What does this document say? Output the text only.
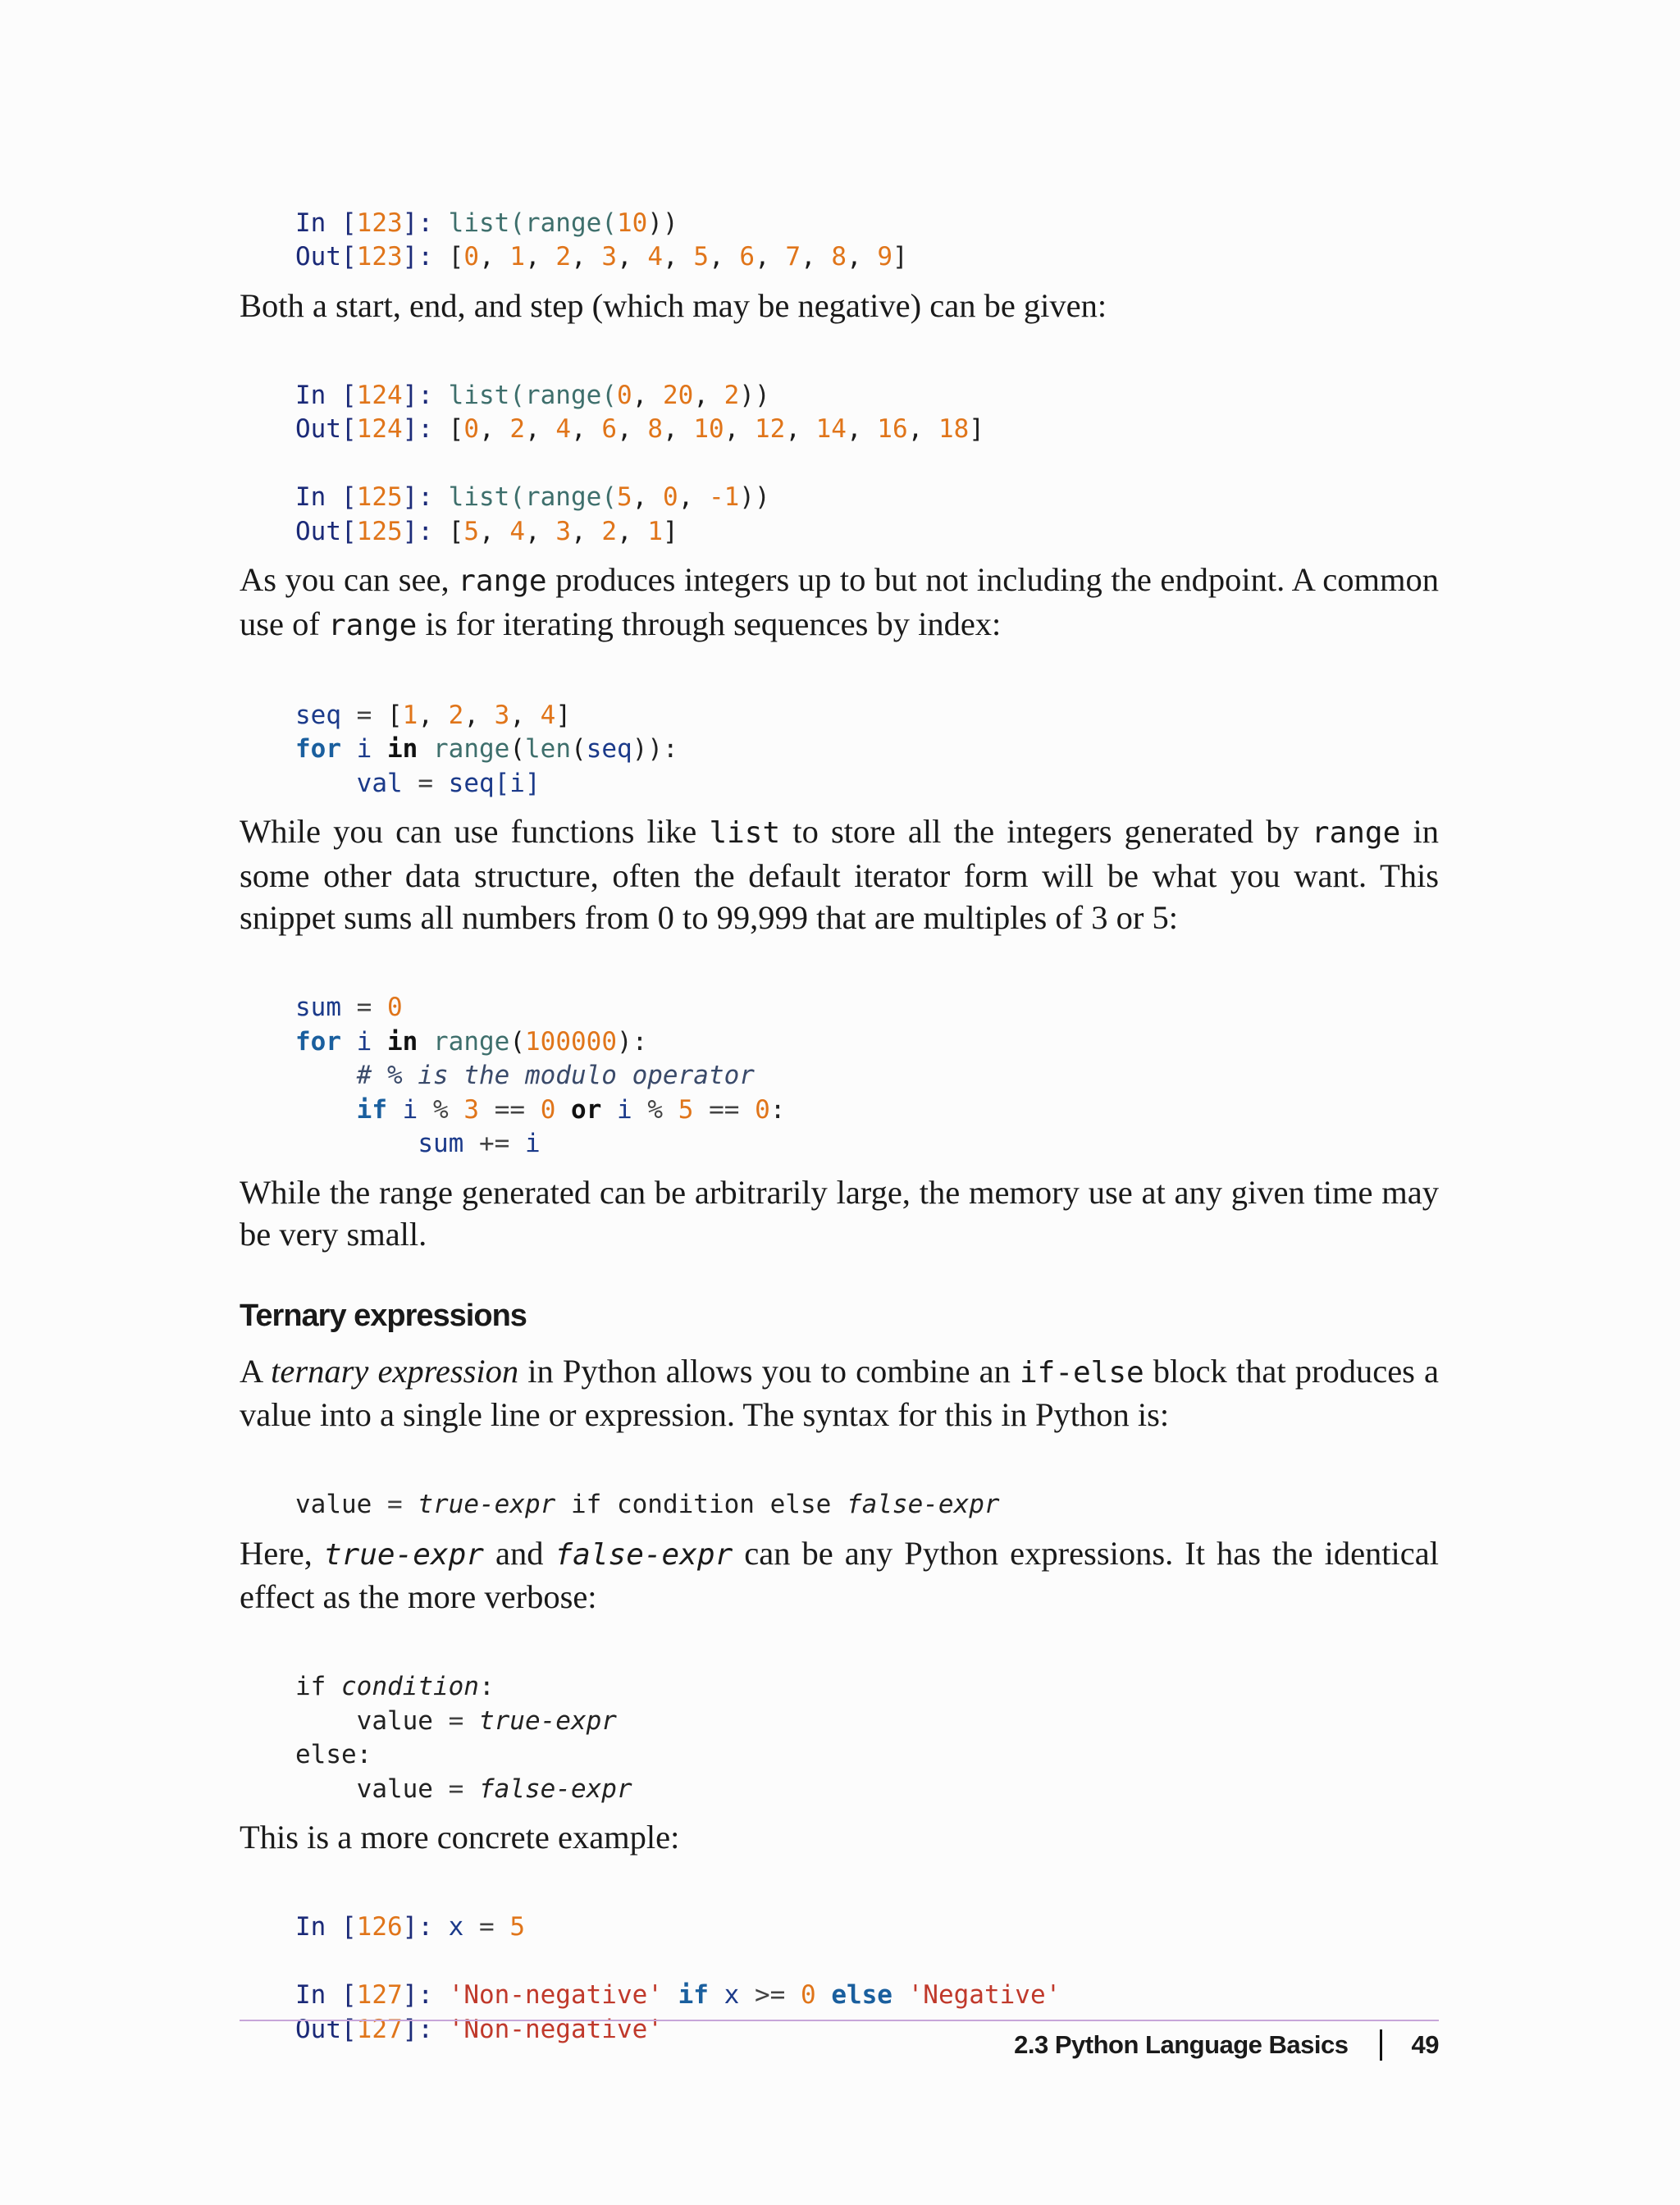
In [123]: list(range(10))
Out[123]: [0, 1, 2, 3, 4, 5, 6, 7, 8, 9]

Both a start, end, and step (which may be negative) can be given:

In [124]: list(range(0, 20, 2))
Out[124]: [0, 2, 4, 6, 8, 10, 12, 14, 16, 18]

In [125]: list(range(5, 0, -1))
Out[125]: [5, 4, 3, 2, 1]

As you can see, range produces integers up to but not including the endpoint. A common use of range is for iterating through sequences by index:

seq = [1, 2, 3, 4]
for i in range(len(seq)):
val = seq[i]

While you can use functions like list to store all the integers generated by range in some other data structure, often the default iterator form will be what you want. This snippet sums all numbers from 0 to 99,999 that are multiples of 3 or 5:

sum = 0
for i in range(100000):
# % is the modulo operator
if i % 3 == 0 or i % 5 == 0:
sum += i

While the range generated can be arbitrarily large, the memory use at any given time may be very small.

Ternary expressions

A ternary expression in Python allows you to combine an if-else block that produces a value into a single line or expression. The syntax for this in Python is:

value = true-expr if condition else false-expr

Here, true-expr and false-expr can be any Python expressions. It has the identical effect as the more verbose:

if condition:
value = true-expr
else:
value = false-expr

This is a more concrete example:

In [126]: x = 5

In [127]: 'Non-negative' if x >= 0 else 'Negative'
Out[127]: 'Non-negative'
2.3 Python Language Basics 49
